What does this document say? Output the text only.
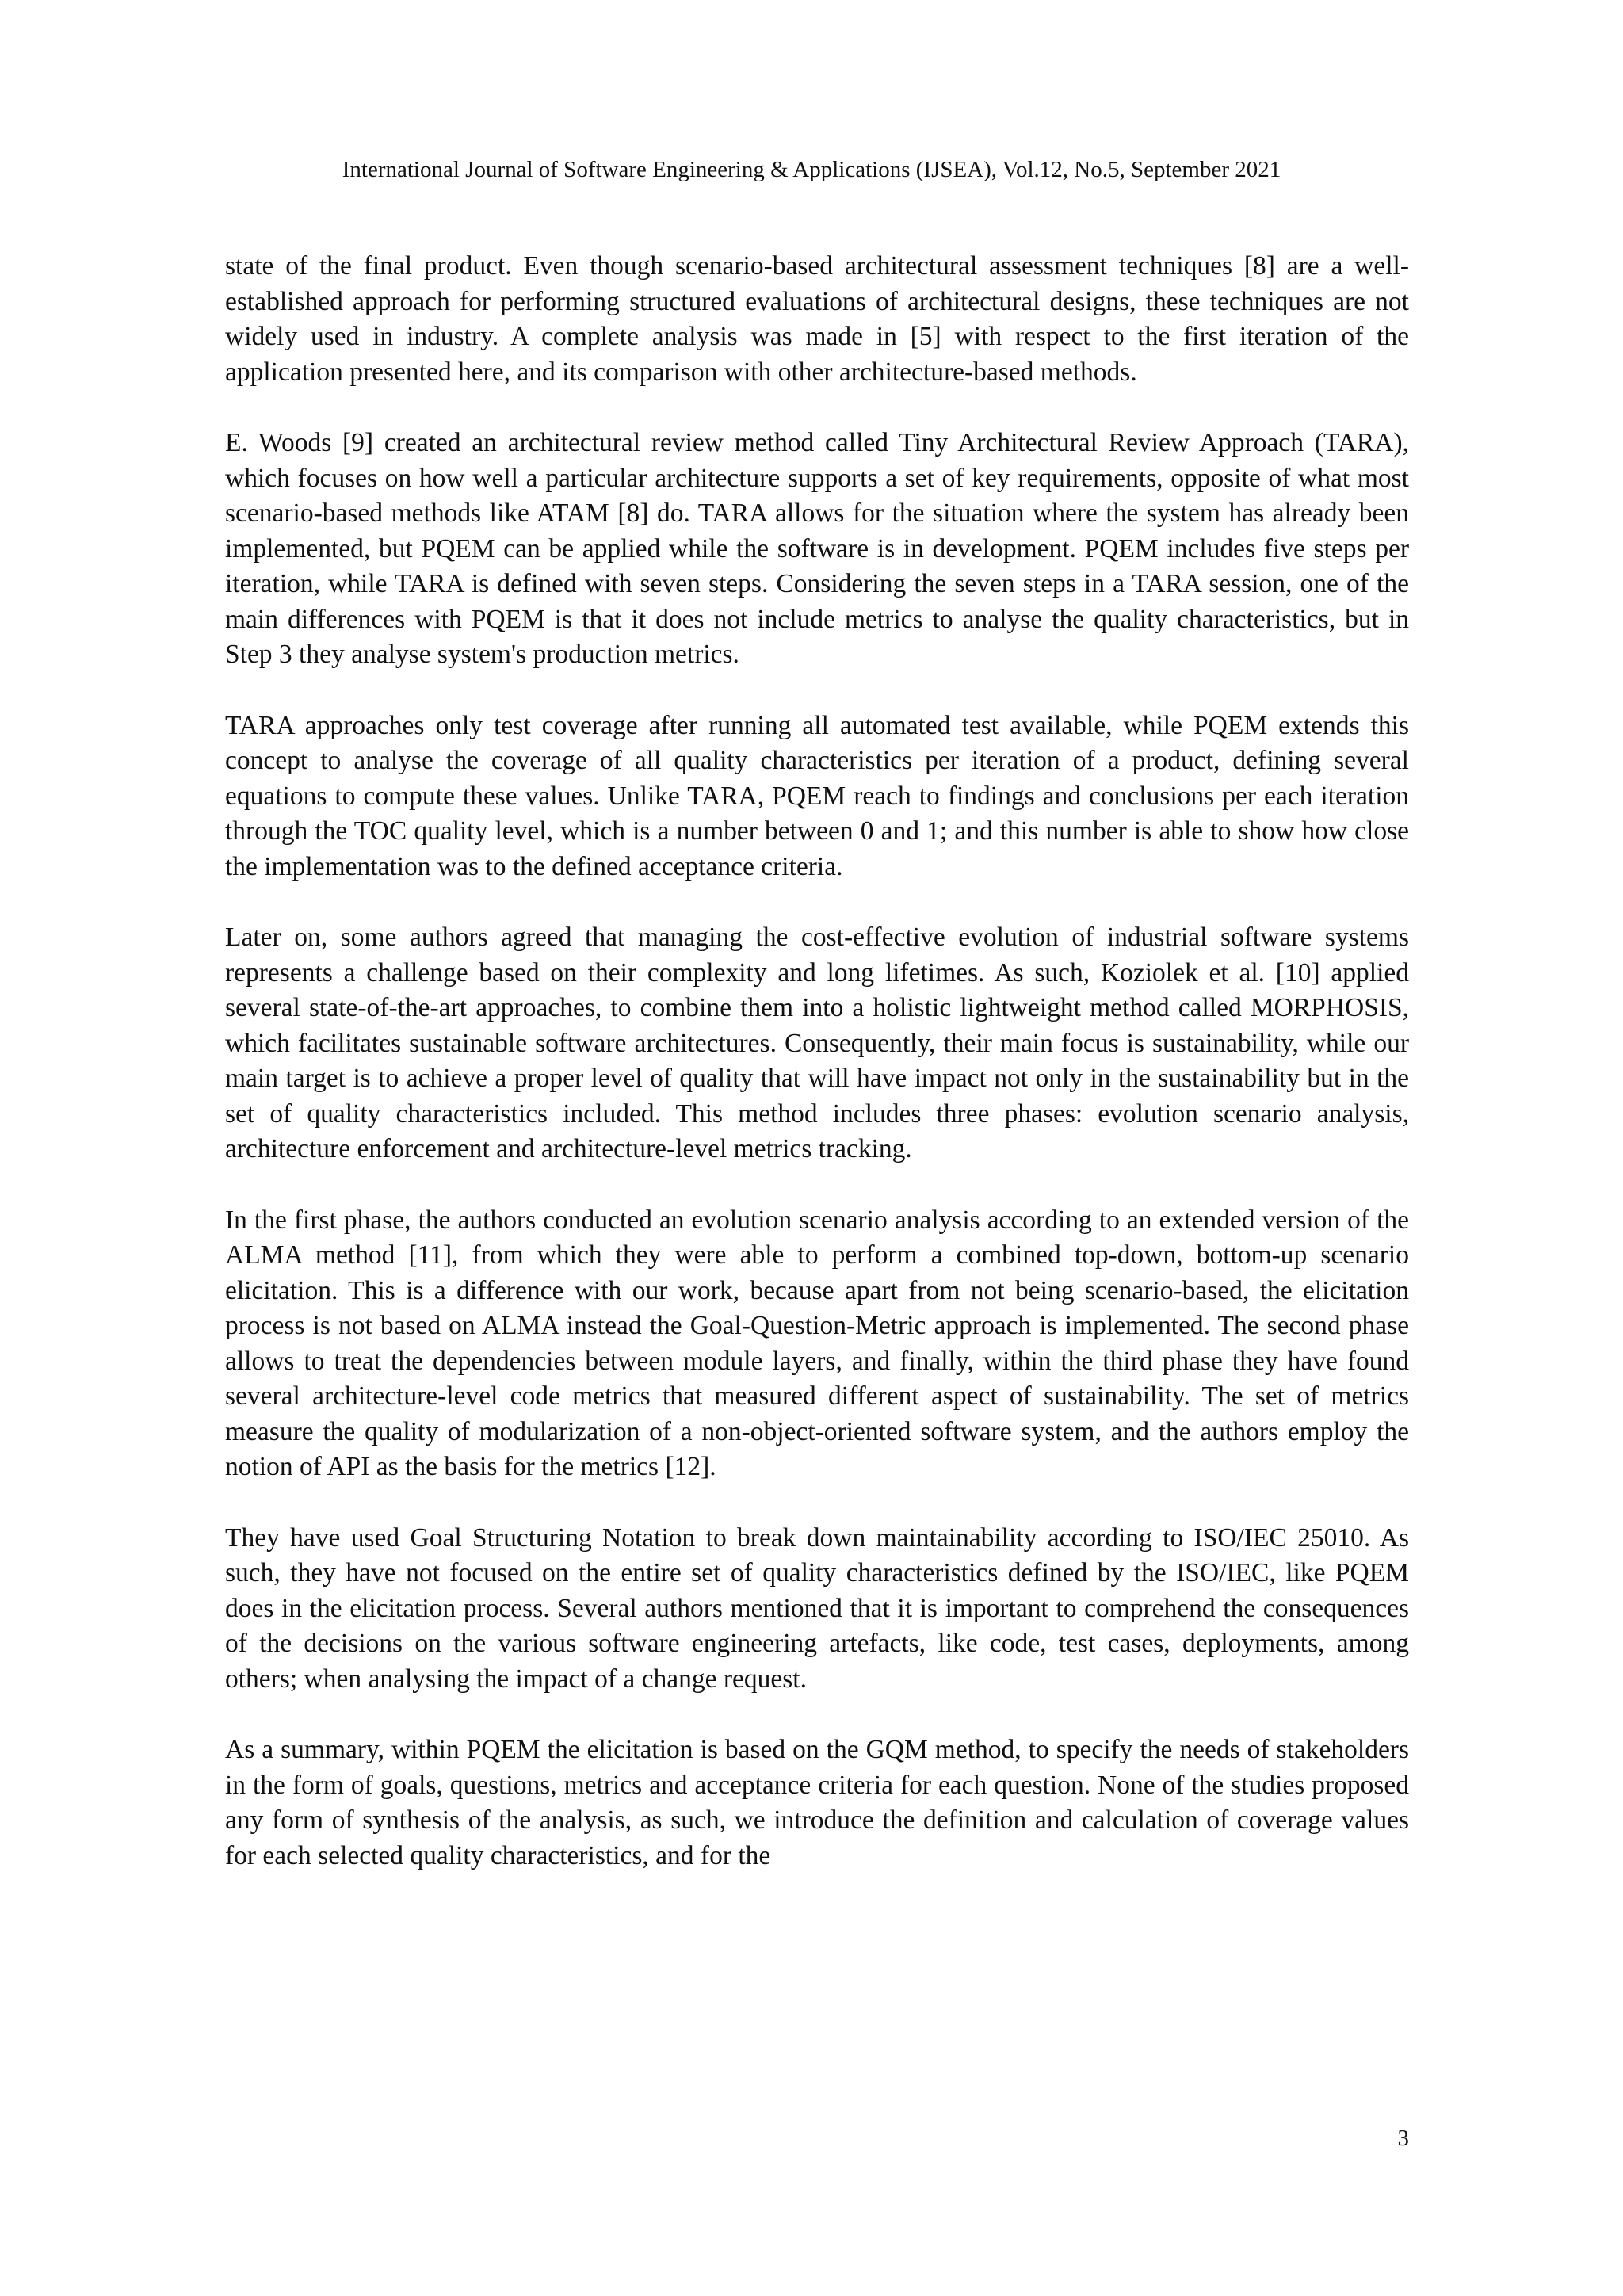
International Journal of Software Engineering & Applications (IJSEA), Vol.12, No.5, September 2021

state of the final product. Even though scenario-based architectural assessment techniques [8] are a well-established approach for performing structured evaluations of architectural designs, these techniques are not widely used in industry. A complete analysis was made in [5] with respect to the first iteration of the application presented here, and its comparison with other architecture-based methods.

E. Woods [9] created an architectural review method called Tiny Architectural Review Approach (TARA), which focuses on how well a particular architecture supports a set of key requirements, opposite of what most scenario-based methods like ATAM [8] do. TARA allows for the situation where the system has already been implemented, but PQEM can be applied while the software is in development. PQEM includes five steps per iteration, while TARA is defined with seven steps. Considering the seven steps in a TARA session, one of the main differences with PQEM is that it does not include metrics to analyse the quality characteristics, but in Step 3 they analyse system's production metrics.

TARA approaches only test coverage after running all automated test available, while PQEM extends this concept to analyse the coverage of all quality characteristics per iteration of a product, defining several equations to compute these values. Unlike TARA, PQEM reach to findings and conclusions per each iteration through the TOC quality level, which is a number between 0 and 1; and this number is able to show how close the implementation was to the defined acceptance criteria.

Later on, some authors agreed that managing the cost-effective evolution of industrial software systems represents a challenge based on their complexity and long lifetimes. As such, Koziolek et al. [10] applied several state-of-the-art approaches, to combine them into a holistic lightweight method called MORPHOSIS, which facilitates sustainable software architectures. Consequently, their main focus is sustainability, while our main target is to achieve a proper level of quality that will have impact not only in the sustainability but in the set of quality characteristics included. This method includes three phases: evolution scenario analysis, architecture enforcement and architecture-level metrics tracking.

In the first phase, the authors conducted an evolution scenario analysis according to an extended version of the ALMA method [11], from which they were able to perform a combined top-down, bottom-up scenario elicitation. This is a difference with our work, because apart from not being scenario-based, the elicitation process is not based on ALMA instead the Goal-Question-Metric approach is implemented. The second phase allows to treat the dependencies between module layers, and finally, within the third phase they have found several architecture-level code metrics that measured different aspect of sustainability. The set of metrics measure the quality of modularization of a non-object-oriented software system, and the authors employ the notion of API as the basis for the metrics [12].

They have used Goal Structuring Notation to break down maintainability according to ISO/IEC 25010. As such, they have not focused on the entire set of quality characteristics defined by the ISO/IEC, like PQEM does in the elicitation process. Several authors mentioned that it is important to comprehend the consequences of the decisions on the various software engineering artefacts, like code, test cases, deployments, among others; when analysing the impact of a change request.

As a summary, within PQEM the elicitation is based on the GQM method, to specify the needs of stakeholders in the form of goals, questions, metrics and acceptance criteria for each question. None of the studies proposed any form of synthesis of the analysis, as such, we introduce the definition and calculation of coverage values for each selected quality characteristics, and for the

3
